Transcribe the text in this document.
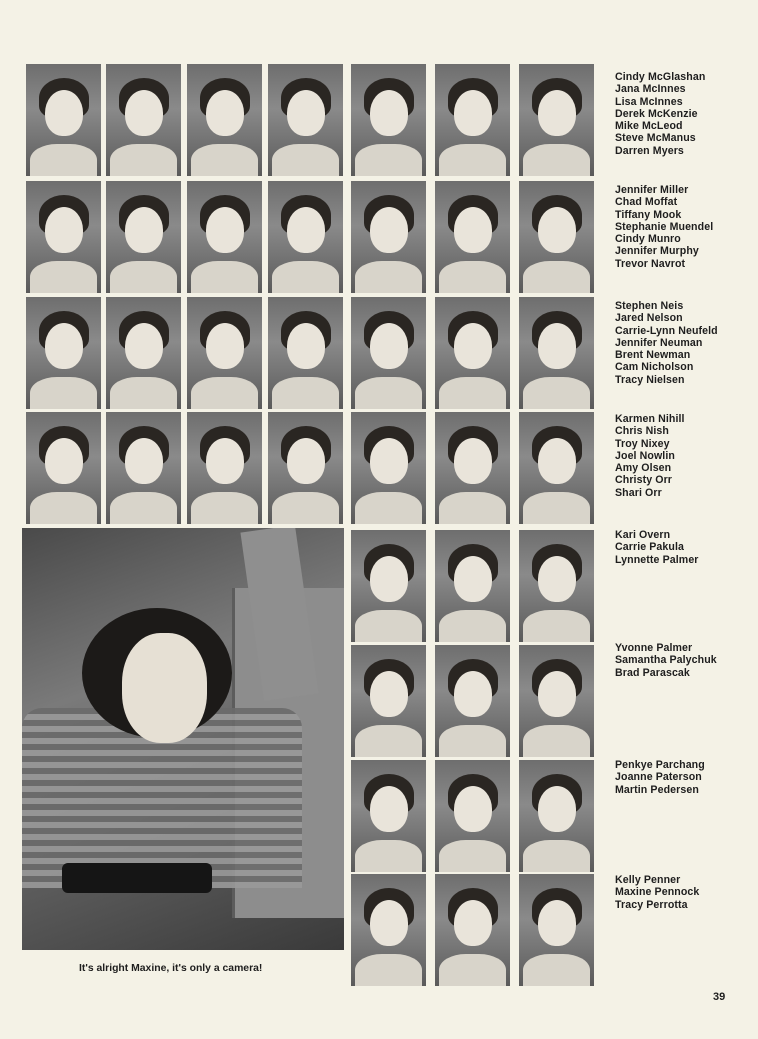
Cindy McGlashan
Jana McInnes
Lisa McInnes
Derek McKenzie
Mike McLeod
Steve McManus
Darren Myers
Jennifer Miller
Chad Moffat
Tiffany Mook
Stephanie Muendel
Cindy Munro
Jennifer Murphy
Trevor Navrot
Stephen Neis
Jared Nelson
Carrie-Lynn Neufeld
Jennifer Neuman
Brent Newman
Cam Nicholson
Tracy Nielsen
Karmen Nihill
Chris Nish
Troy Nixey
Joel Nowlin
Amy Olsen
Christy Orr
Shari Orr
Kari Overn
Carrie Pakula
Lynnette Palmer
Yvonne Palmer
Samantha Palychuk
Brad Parascak
Penkye Parchang
Joanne Paterson
Martin Pedersen
Kelly Penner
Maxine Pennock
Tracy Perrotta
It's alright Maxine, it's only a camera!
39
